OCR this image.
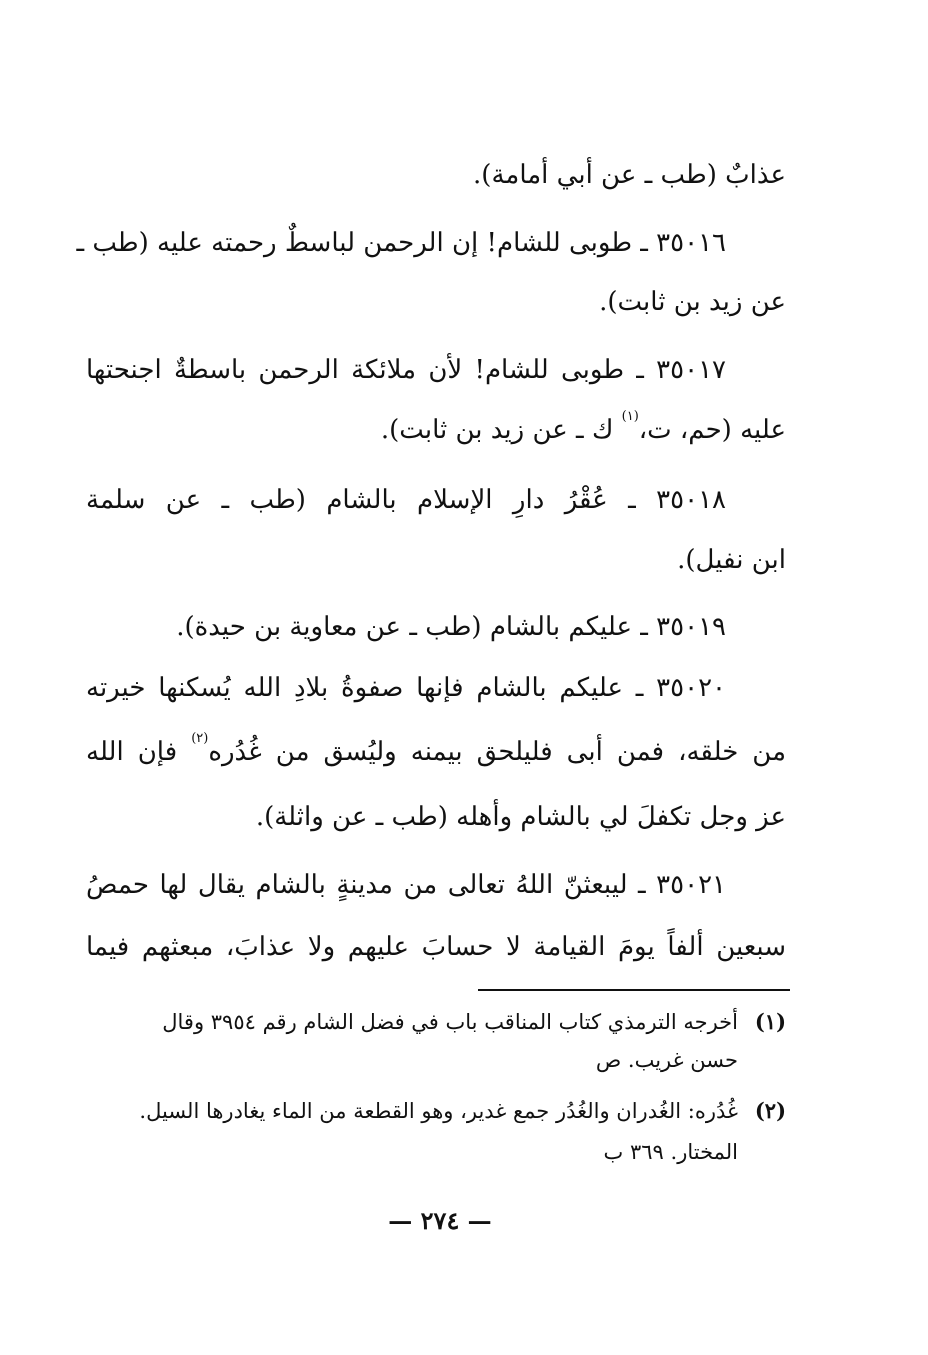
عذابٌ (طب ـ عن أبي أمامة).
٣٥٠١٦ ـ طوبى للشام! إن الرحمن لباسطٌ رحمته عليه (طب ـ
عن زيد بن ثابت).
٣٥٠١٧ ـ طوبى للشام! لأن ملائكة الرحمن باسطةٌ اجنحتها
عليه (حم، ت،$^{(١)}$ ك ـ عن زيد بن ثابت).
٣٥٠١٨ ـ عُقْرُ دارِ الإسلام بالشام (طب ـ عن سلمة
ابن نفيل).
٣٥٠١٩ ـ عليكم بالشام (طب ـ عن معاوية بن حيدة).
٣٥٠٢٠ ـ عليكم بالشام فإنها صفوةُ بلادِ الله يُسكنها خيرته
من خلقه، فمن أبى فليلحق بيمنه وليُسق من غُدُره$^{(٢)}$ فإن الله
عز وجل تكفلَ لي بالشام وأهله (طب ـ عن واثلة).
٣٥٠٢١ ـ ليبعثنّ اللهُ تعالى من مدينةٍ بالشام يقال لها حمصُ
سبعين ألفاً يومَ القيامة لا حسابَ عليهم ولا عذابَ، مبعثهم فيما
(١)أخرجه الترمذي كتاب المناقب باب في فضل الشام رقم ٣٩٥٤ وقال
حسن غريب. ص
(٢)غُدُره: الغُدران والغُدُر جمع غدير، وهو القطعة من الماء يغادرها السيل.
المختار. ٣٦٩ ب
— ٢٧٤ —
